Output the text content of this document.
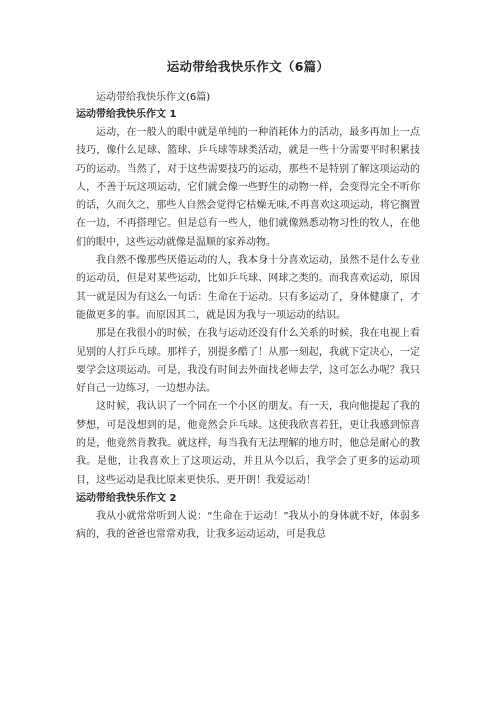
运动带给我快乐作文（6篇）

运动带给我快乐作文(6篇)

运动带给我快乐作文 1

运动，在一般人的眼中就是单纯的一种消耗体力的活动，最多再加上一点技巧，像什么足球、篮球、乒乓球等球类活动，就是一些十分需要平时积累技巧的运动。当然了，对于这些需要技巧的运动，那些不是特别了解这项运动的人，不善于玩这项运动，它们就会像一些野生的动物一样，会变得完全不听你的话，久而久之，那些人自然会觉得它枯燥无味,不再喜欢这项运动，将它搁置在一边，不再搭理它。但是总有一些人，他们就像熟悉动物习性的牧人，在他们的眼中，这些运动就像是温顺的家养动物。

我自然不像那些厌倦运动的人，我本身十分喜欢运动，虽然不是什么专业的运动员，但是对某些运动，比如乒乓球、网球之类的。而我喜欢运动，原因其一就是因为有这么一句话：生命在于运动。只有多运动了，身体健康了，才能做更多的事。而原因其二，就是因为我与一项运动的结识。

那是在我很小的时候，在我与运动还没有什么关系的时候，我在电视上看见别的人打乒乓球。那样子，别提多酷了！从那一刻起，我就下定决心，一定要学会这项运动。可是，我没有时间去外面找老师去学，这可怎么办呢？我只好自己一边练习，一边想办法。

这时候，我认识了一个同在一个小区的朋友。有一天，我向他提起了我的梦想，可是没想到的是，他竟然会乒乓球。这使我欣喜若狂，更让我感到惊喜的是，他竟然肯教我。就这样，每当我有无法理解的地方时，他总是耐心的教我。是他，让我喜欢上了这项运动，并且从今以后，我学会了更多的运动项目，这些运动是我比原来更快乐、更开朗！我爱运动！

运动带给我快乐作文 2

我从小就常常听到人说：“生命在于运动！”我从小的身体就不好，体弱多病的，我的爸爸也常常劝我，让我多运动运动，可是我总
